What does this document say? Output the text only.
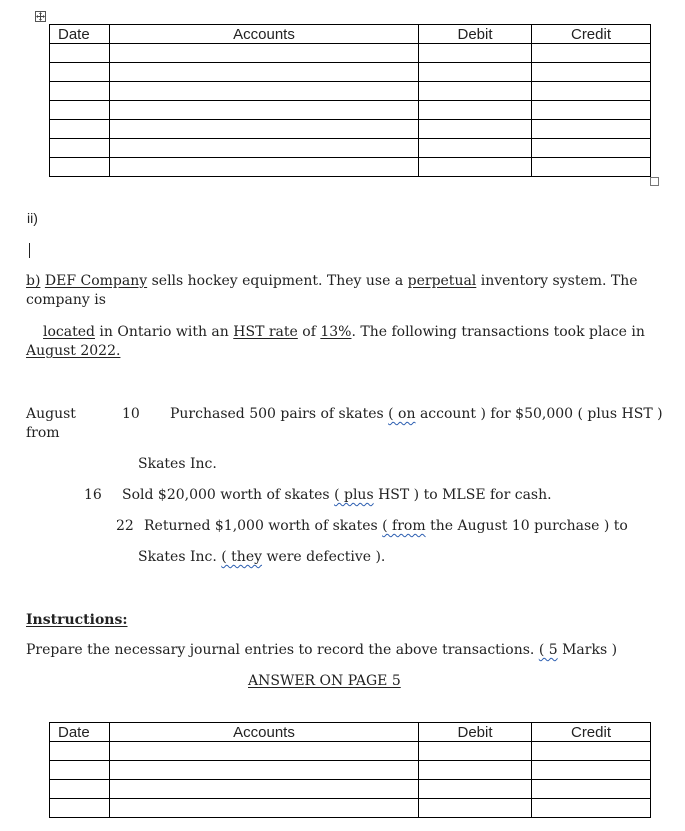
Date	Accounts	Debit	Credit

ii)
b) DEF Company sells hockey equipment. They use a perpetual inventory system. The
company is
located in Ontario with an HST rate of 13%. The following transactions took place in
August 2022.
August
from
10 Purchased 500 pairs of skates ( on account ) for $50,000 ( plus HST )
Skates Inc.
16 Sold $20,000 worth of skates ( plus HST ) to MLSE for cash.
22 Returned $1,000 worth of skates ( from the August 10 purchase ) to
Skates Inc. ( they were defective ).
Instructions:
Prepare the necessary journal entries to record the above transactions. ( 5 Marks )
ANSWER ON PAGE 5
Date	Accounts	Debit	Credit
